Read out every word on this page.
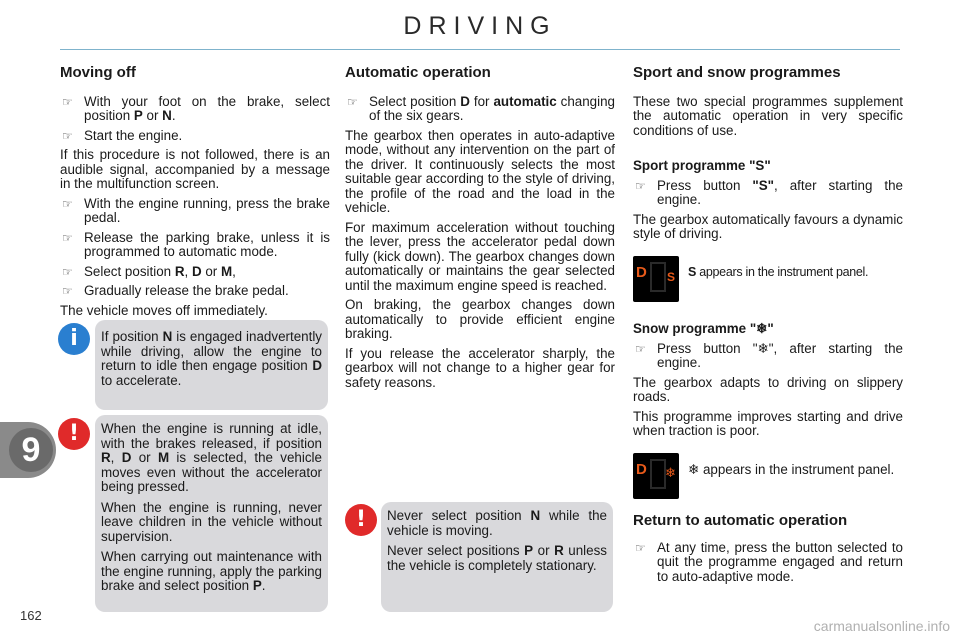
DRIVING
Moving off
☞ With your foot on the brake, select position P or N.
☞ Start the engine.

If this procedure is not followed, there is an audible signal, accompanied by a message in the multifunction screen.

☞ With the engine running, press the brake pedal.
☞ Release the parking brake, unless it is programmed to automatic mode.
☞ Select position R, D or M,
☞ Gradually release the brake pedal.

The vehicle moves off immediately.

i	If position N is engaged inadvertently while driving, allow the engine to return to idle then engage position D to accelerate.

!	When the engine is running at idle, with the brakes released, if position R, D or M is selected, the vehicle moves even without the accelerator being pressed.

When the engine is running, never leave children in the vehicle without supervision.

When carrying out maintenance with the engine running, apply the parking brake and select position P.

Automatic operation
☞ Select position D for automatic changing of the six gears.

The gearbox then operates in auto-adaptive mode, without any intervention on the part of the driver. It continuously selects the most suitable gear according to the style of driving, the profile of the road and the load in the vehicle.

For maximum acceleration without touching the lever, press the accelerator pedal down fully (kick down). The gearbox changes down automatically or maintains the gear selected until the maximum engine speed is reached.

On braking, the gearbox changes down automatically to provide efficient engine braking.

If you release the accelerator sharply, the gearbox will not change to a higher gear for safety reasons.

!	Never select position N while the vehicle is moving.

Never select positions P or R unless the vehicle is completely stationary.

Sport and snow programmes

These two special programmes supplement the automatic operation in very specific conditions of use.

Sport programme "S"
☞ Press button "S", after starting the engine.

The gearbox automatically favours a dynamic style of driving.

D S S appears in the instrument panel.
Snow programme "❄"
☞ Press button "❄", after starting the engine.

The gearbox adapts to driving on slippery roads.

This programme improves starting and drive when traction is poor.

D ❄ ❄ appears in the instrument panel.
Return to automatic operation
☞ At any time, press the button selected to quit the programme engaged and return to auto-adaptive mode.
9
162
carmanualsonline.info
